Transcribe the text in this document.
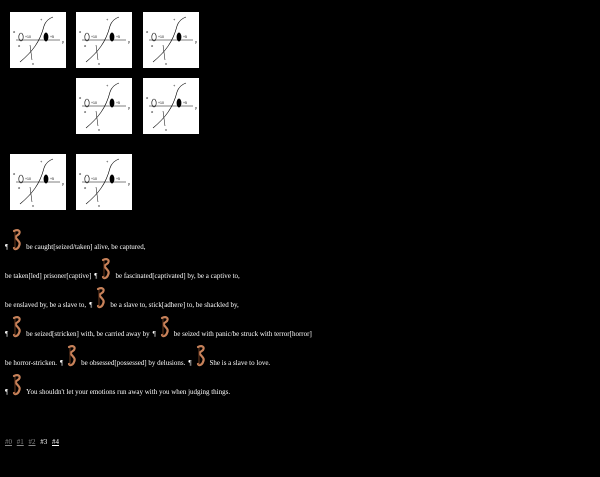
+
o
o
+10	+5
y
x
+
o
o
+10	+5
y
x
+
o
o
+10	+5
y
x
+
o
o
+10	+5
y
x
+
o
o
+10	+5
y
x
+
o
o
+10	+5
y
x
+
o
o
+10	+5
y
x
¶	be caught[seized/taken] alive, be captured,
be taken[led] prisoner[captive] ¶	be fascinated[captivated] by, be a captive to,
be enslaved by, be a slave to, ¶	be a slave to, stick[adhere] to, be shackled by,
¶	be seized[stricken] with, be carried away by ¶	be seized with panic/be struck with terror[horror]
be horror-stricken. ¶	be obsessed[possessed] by delusions. ¶	She is a slave to love.
¶	You shouldn't let your emotions run away with you when judging things.
#0 #1 #2 #3 #4
